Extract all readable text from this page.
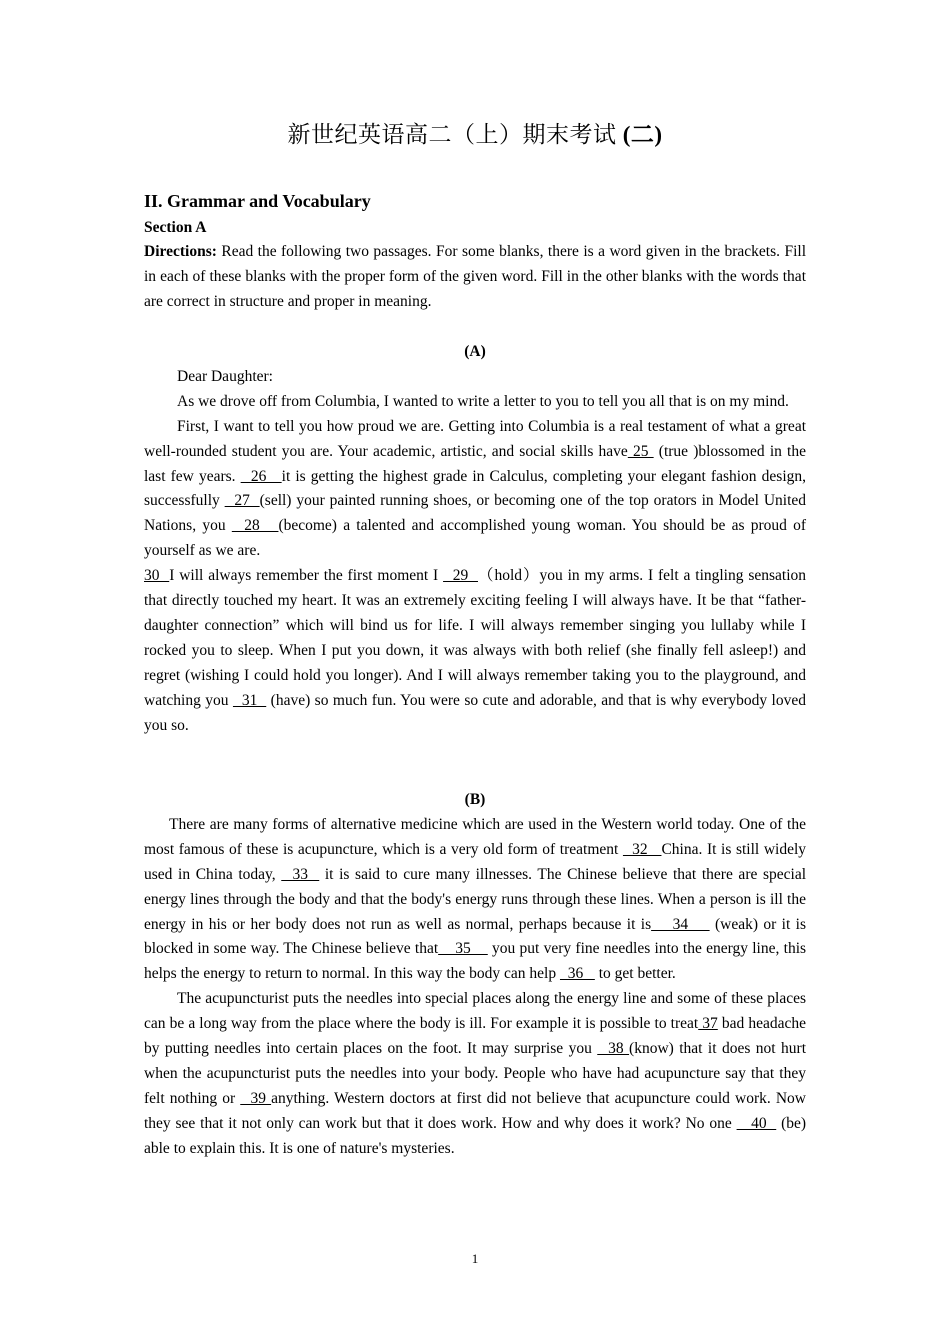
新世纪英语高二（上）期末考试 (二)
II. Grammar and Vocabulary
Section A

Directions: Read the following two passages. For some blanks, there is a word given in the brackets. Fill in each of these blanks with the proper form of the given word. Fill in the other blanks with the words that are correct in structure and proper in meaning.

(A)

Dear Daughter:

As we drove off from Columbia, I wanted to write a letter to you to tell you all that is on my mind.

First, I want to tell you how proud we are. Getting into Columbia is a real testament of what a great well-rounded student you are. Your academic, artistic, and social skills have 25  (true )blossomed in the last few years.   26   it is getting the highest grade in Calculus, completing your elegant fashion design, successfully   27  (sell) your painted running shoes, or becoming one of the top orators in Model United Nations, you   28   (become) a talented and accomplished young woman. You should be as proud of yourself as we are.

30  I will always remember the first moment I   29  （hold）you in my arms. I felt a tingling sensation that directly touched my heart. It was an extremely exciting feeling I will always have. It be that “father-daughter connection” which will bind us for life. I will always remember singing you lullaby while I rocked you to sleep. When I put you down, it was always with both relief (she finally fell asleep!) and regret (wishing I could hold you longer). And I will always remember taking you to the playground, and watching you   31   (have) so much fun. You were so cute and adorable, and that is why everybody loved you so.

(B)

There are many forms of alternative medicine which are used in the Western world today. One of the most famous of these is acupuncture, which is a very old form of treatment   32   China. It is still widely used in China today,   33   it is said to cure many illnesses. The Chinese believe that there are special energy lines through the body and that the body's energy runs through these lines. When a person is ill the energy in his or her body does not run as well as normal, perhaps because it is    34     (weak) or it is blocked in some way. The Chinese believe that    35     you put very fine needles into the energy line, this helps the energy to return to normal. In this way the body can help   36    to get better.

The acupuncturist puts the needles into special places along the energy line and some of these places can be a long way from the place where the body is ill. For example it is possible to treat 37 bad headache by putting needles into certain places on the foot. It may surprise you   38 (know) that it does not hurt when the acupuncturist puts the needles into your body. People who have had acupuncture say that they felt nothing or   39 anything. Western doctors at first did not believe that acupuncture could work. Now they see that it not only can work but that it does work. How and why does it work? No one    40   (be) able to explain this. It is one of nature's mysteries.

1
